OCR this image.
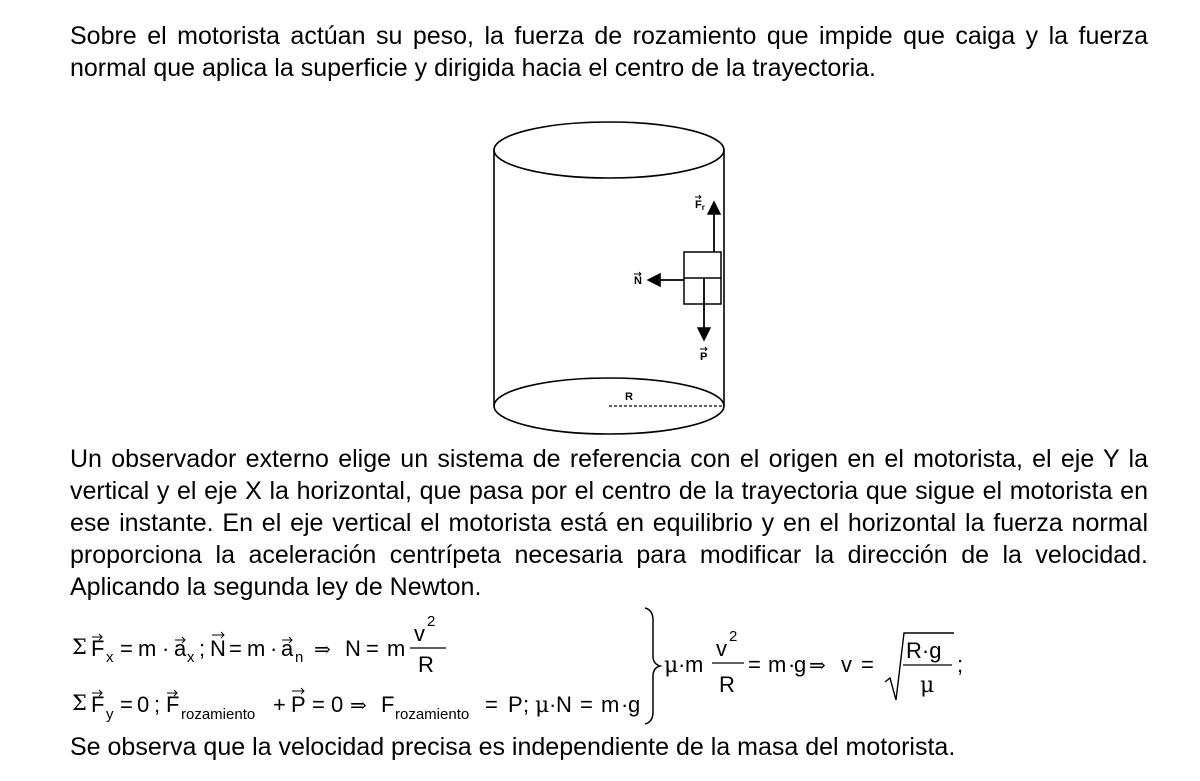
Sobre el motorista actúan su peso, la fuerza de rozamiento que impide que caiga y la fuerza normal que aplica la superficie y dirigida hacia el centro de la trayectoria.
R
Fr
N
P
Un observador externo elige un sistema de referencia con el origen en el motorista, el eje Y la vertical y el eje X la horizontal, que pasa por el centro de la trayectoria que sigue el motorista en ese instante. En el eje vertical el motorista está en equilibrio y en el horizontal la fuerza normal proporciona la aceleración centrípeta necesaria para modificar la dirección de la velocidad. Aplicando la segunda ley de Newton.
Σ F x = m · a x ; N = m · a n ⇒ N = m
v 2
R
Σ F y = 0 ; F rozamiento + P = 0 ⇒ F rozamiento = P ; μ · N = m · g
μ · m
v 2
R
= m ·
g ⇒ v =
R·g
μ
;
Se observa que la velocidad precisa es independiente de la masa del motorista.
